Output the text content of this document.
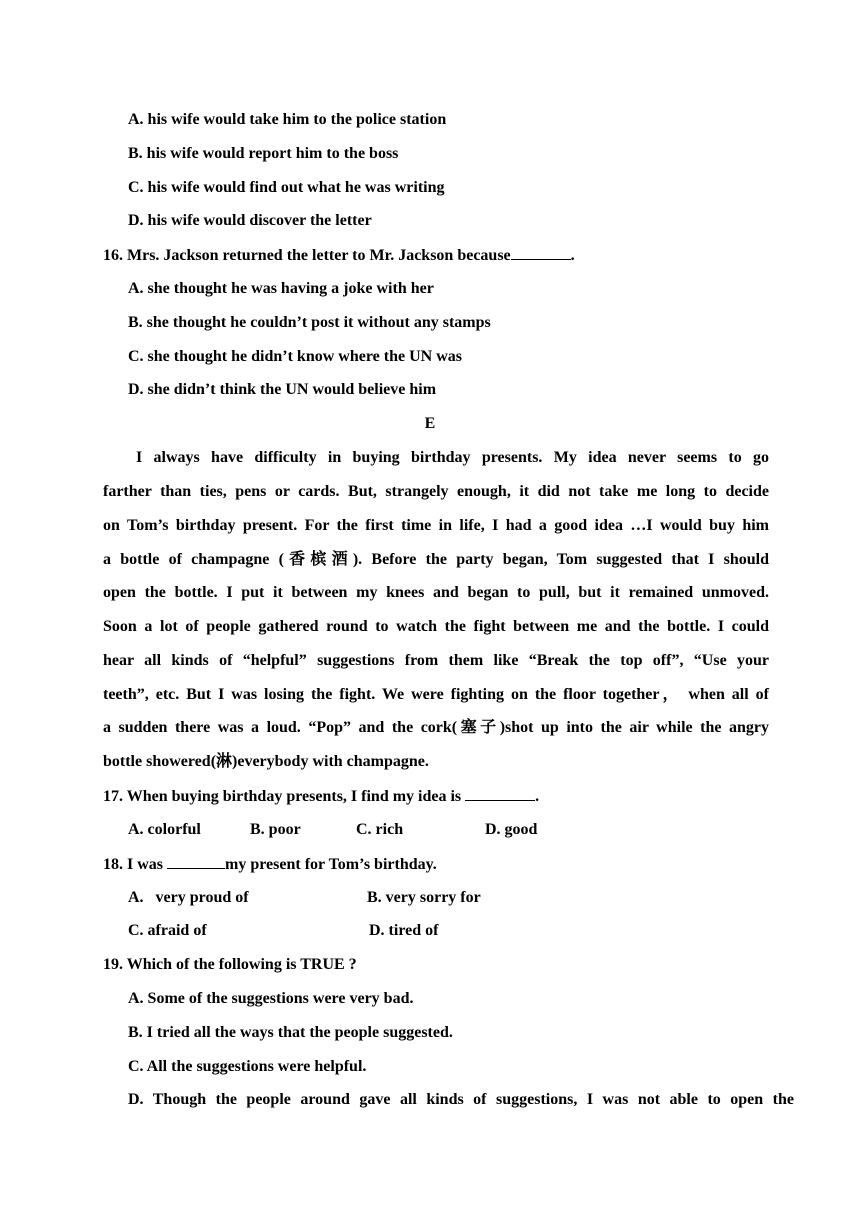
A. his wife would take him to the police station
B. his wife would report him to the boss
C. his wife would find out what he was writing
D. his wife would discover the letter
16. Mrs. Jackson returned the letter to Mr. Jackson because	.
A. she thought he was having a joke with her
B. she thought he couldn’t post it without any stamps
C. she thought he didn’t know where the UN was
D. she didn’t think the UN would believe him
E
I always have difficulty in buying birthday presents. My idea never seems to go
farther than ties, pens or cards. But, strangely enough, it did not take me long to decide
on Tom’s birthday present. For the first time in life, I had a good idea …I would buy him
a bottle of champagne (香槟酒). Before the party began, Tom suggested that I should
open the bottle. I put it between my knees and began to pull, but it remained unmoved.
Soon a lot of people gathered round to watch the fight between me and the bottle. I could
hear all kinds of “helpful” suggestions from them like “Break the top off”, “Use your
teeth”, etc. But I was losing the fight. We were fighting on the floor together， when all of
a sudden there was a loud. “Pop” and the cork(塞子)shot up into the air while the angry
bottle showered(淋)everybody with champagne.
17. When buying birthday presents, I find my idea is	.
A. colorful	B. poor	C. rich	D. good
18. I was	my present for Tom’s birthday.
A.   very proud of	B. very sorry for
C. afraid of	D. tired of
19. Which of the following is TRUE ?
A. Some of the suggestions were very bad.
B. I tried all the ways that the people suggested.
C. All the suggestions were helpful.
D. Though the people around gave all kinds of suggestions, I was not able to open the
